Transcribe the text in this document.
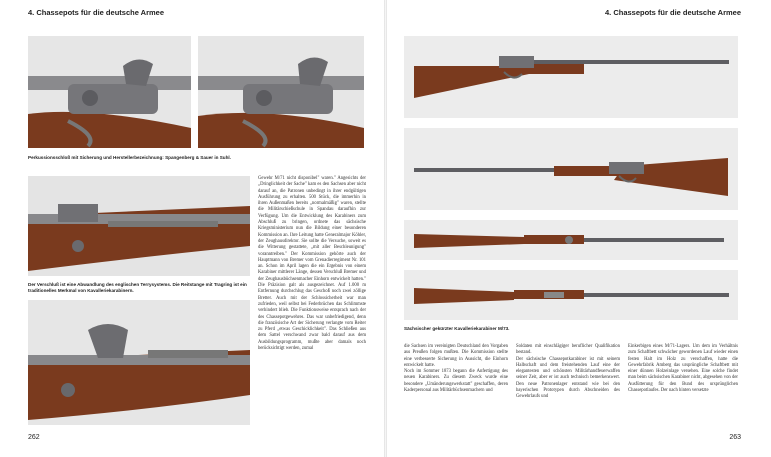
4. Chassepots für die deutsche Armee
Perkussionsschloß mit Sicherung und Herstellerbezeichnung: Spangenberg & Sauer in Suhl.
Der Verschluß ist eine Abwandlung des englischen Terrysystems. Die Reitstange mit Tragring ist ein traditionelles Merkmal von Kavalleriekarabinern.
Gewehr M/71 nicht disponibel" waren." Angesichts der „Dringlichkeit der Sache" kam es den Sachsen aber nicht darauf an, die Patronen unbedingt in ihrer endgültigen Ausführung zu erhalten. 500 Stück, die immerhin in ihren Außenmaßen bereits „normalmäßig" waren, stellte die Militärschießschule in Spandau daraufhin zur Verfügung. Um die Entwicklung des Karabiners zum Abschluß zu bringen, ordnete das sächsische Kriegsministerium nun die Bildung einer besonderen Kommission an. Ihre Leitung hatte Generalmajor Köhler, der Zeughausdirektor. Sie sollte die Versuche, soweit es die Witterung gestattete, „mit aller Beschleunigung" voranntreiben." Der Kommission gehörte auch der Hauptmann von Bremer vom Grenadierregiment Nr. 101 an. Schon im April lagen die ein Ergebnis von einem Karabiner mittlerer Länge, dessen Verschluß Bremer und der Zeughausbüchsenmacher Einhorn entwickelt hatten." Die Präzision galt als ausgezeichnet. Auf 1.000 m Entfernung durchschlug das Geschoß noch zwei zöllige Bretter. Auch mit der Schlossicherheit war man zufrieden, weil selbst bei Federbrüchen das Schlimmste verhindert blieb. Die Funktionsweise entsprach nach der des Chassepotgewehres. Das war unbefriedigend, denn die französische Art der Sicherung verlangte vom Reiter zu Pferd „etwas Geschicklichkeit". Das Schließen aus dem Sattel verschwand zwar bald darauf aus dem Ausbildungsprogramm, mußte aber damals noch berücksichtigt werden, zumal
262
4. Chassepots für die deutsche Armee
Sächsischer gekürzter Kavalleriekarabiner M/73.
die Sachsen im vereinigten Deutschland den Vorgaben aus Preußen folgen mußten. Die Kommission stellte eine verbesserte Sicherung in Aussicht, die Einhorn entwickelt hatte.
Noch im Sommer 1873 begann die Anfertigung des neuen Karabiners. Zu diesem Zweck wurde eine besondere „Umänderungswerkstatt" geschaffen, deren Kaderpersonal aus Militärbüchsenmachern und
Soldaten mit einschlägiger beruflicher Qualifikation bestand.
Der sächsische Chassepotkarabiner ist mit seinem Halbschaft und dem freistehenden Lauf eine der elegantesten und schönsten Militärhandfeuerwaffen seiner Zeit, aber er ist auch technisch bemerkenswert. Den neue Patronenlager entstand wie bei den bayerischen Prototypen durch Abschneiden des Gewehrlaufs und
Einkerbigen eines M/71-Lagers. Um dem im Verhältnis zum Schaftbett schwächer gewordenen Lauf wieder einen festen Halt im Holz zu verschaffen, hatte die Gewehrfabrik Amberg das ursprüngliche Schaftbett mit einer dünnen Holzeinlage versehen. Eine solche findet man beim sächsischen Karabiner nicht, abgesehen von der Ausfütterung für den Bund des ursprünglichen Chassepotlaufes. Der nach hinten versetzte
263
